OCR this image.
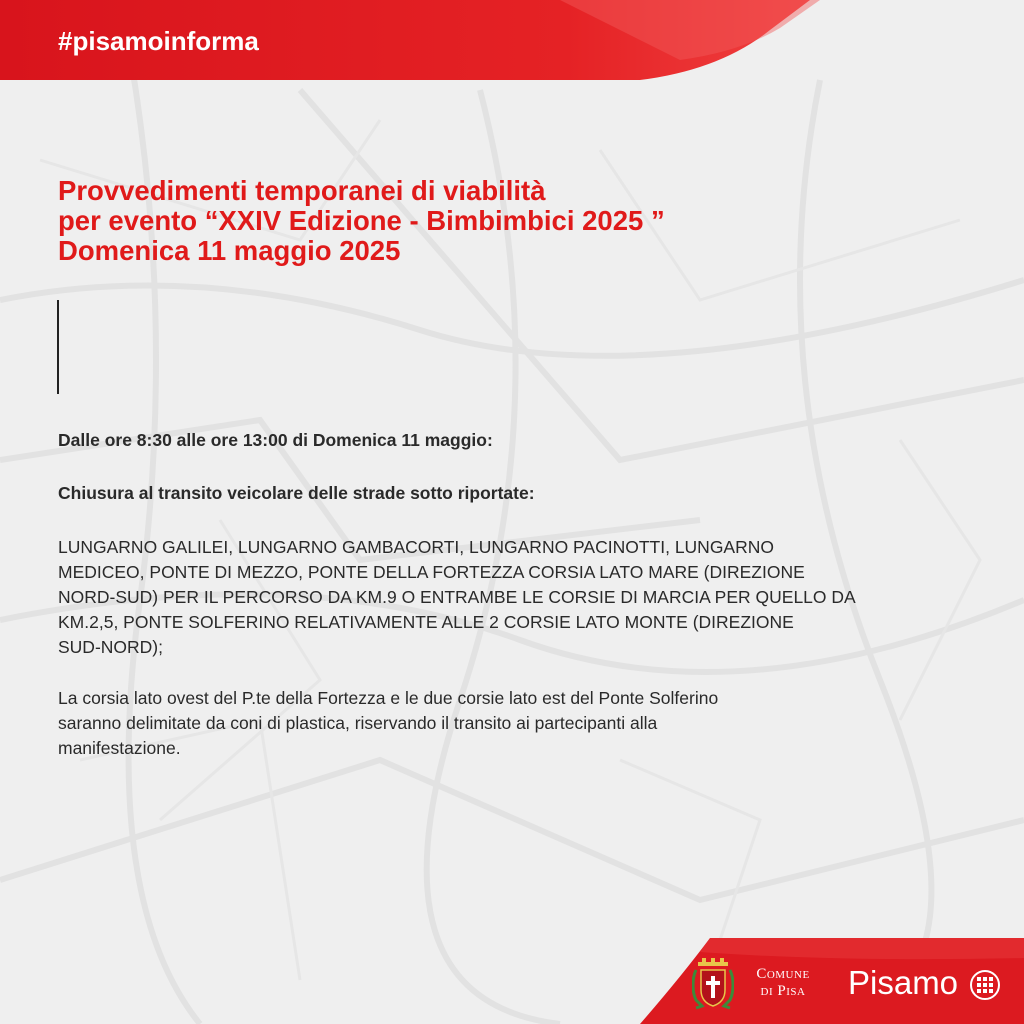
#pisamoinforma
Provvedimenti temporanei di viabilità
per evento “XXIV Edizione - Bimbimbici 2025 ”
Domenica 11 maggio 2025
Dalle ore 8:30 alle ore 13:00 di Domenica 11 maggio:
Chiusura al transito veicolare delle strade sotto riportate:
LUNGARNO GALILEI, LUNGARNO GAMBACORTI, LUNGARNO PACINOTTI, LUNGARNO
MEDICEO, PONTE DI MEZZO, PONTE DELLA FORTEZZA CORSIA LATO MARE (DIREZIONE
NORD-SUD) PER IL PERCORSO DA KM.9 O ENTRAMBE LE CORSIE DI MARCIA PER QUELLO DA
KM.2,5, PONTE SOLFERINO RELATIVAMENTE ALLE 2 CORSIE LATO MONTE (DIREZIONE
SUD-NORD);
La corsia lato ovest del P.te della Fortezza e le due corsie lato est del Ponte Solferino
saranno delimitate da coni di plastica, riservando il transito ai partecipanti alla
manifestazione.
Comune
di Pisa	Pisamo
